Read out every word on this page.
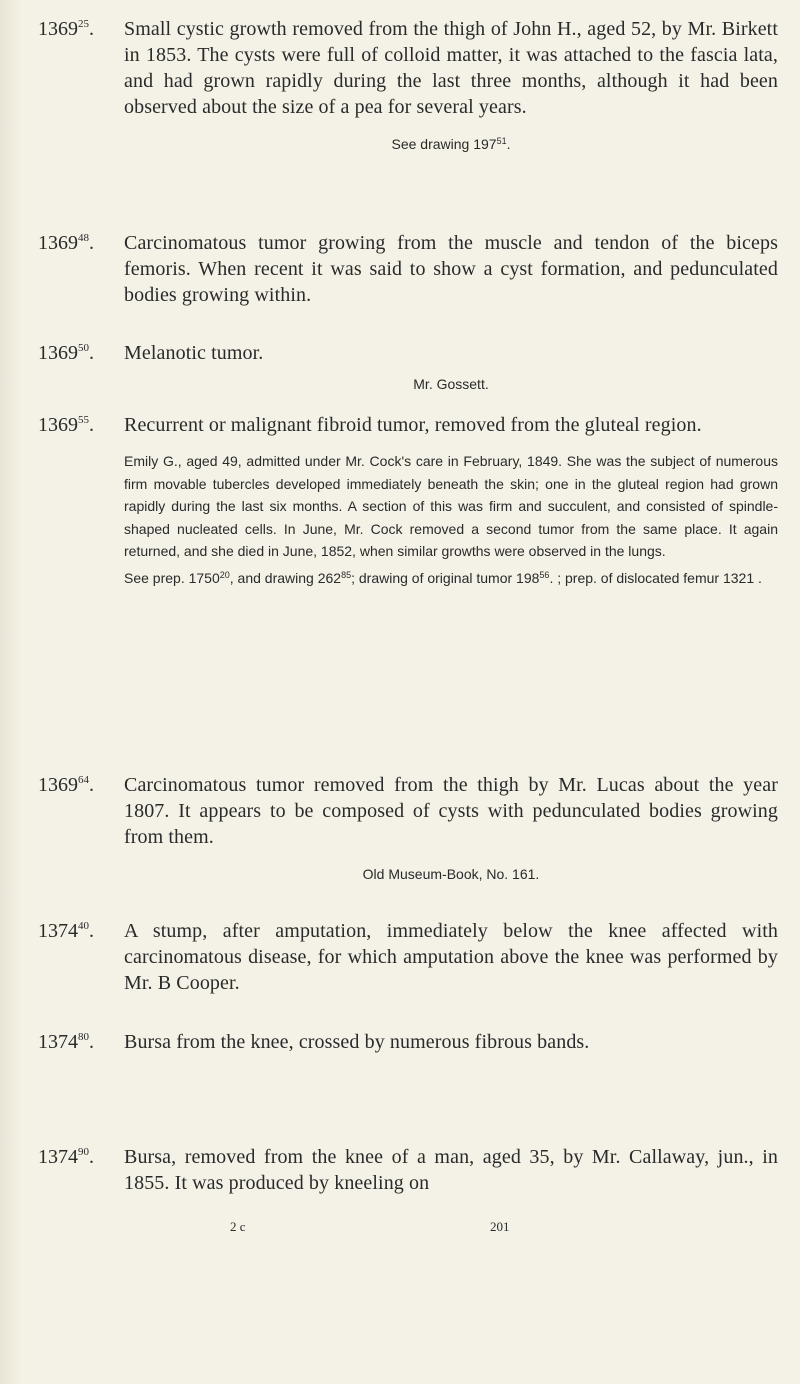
1369$^{25}$. Small cystic growth removed from the thigh of John H., aged 52, by Mr. Birkett in 1853. The cysts were full of colloid matter, it was attached to the fascia lata, and had grown rapidly during the last three months, although it had been observed about the size of a pea for several years.
See drawing $197^{51}$.
1369$^{48}$. Carcinomatous tumor growing from the muscle and tendon of the biceps femoris. When recent it was said to show a cyst formation, and pedunculated bodies growing within.
1369$^{50}$. Melanotic tumor.
Mr. Gossett.
1369$^{55}$. Recurrent or malignant fibroid tumor, removed from the gluteal region.

Emily G., aged 49, admitted under Mr. Cock's care in February, 1849. She was the subject of numerous firm movable tubercles developed immediately beneath the skin; one in the gluteal region had grown rapidly during the last six months. A section of this was firm and succulent, and consisted of spindle-shaped nucleated cells. In June, Mr. Cock removed a second tumor from the same place. It again returned, and she died in June, 1852, when similar growths were observed in the lungs.

See prep. 1750$^{20}$, and drawing $262^{85}$; drawing of original tumor $198^{56}$. ; prep. of dislocated femur 1321 .

1369$^{64}$. Carcinomatous tumor removed from the thigh by Mr. Lucas about the year 1807. It appears to be composed of cysts with pedunculated bodies growing from them.
Old Museum-Book, No. 161.
1374$^{40}$. A stump, after amputation, immediately below the knee affected with carcinomatous disease, for which amputation above the knee was performed by Mr. B Cooper.
1374$^{80}$. Bursa from the knee, crossed by numerous fibrous bands.
1374$^{90}$. Bursa, removed from the knee of a man, aged 35, by Mr. Callaway, jun., in 1855. It was produced by kneeling on
2 c	201
